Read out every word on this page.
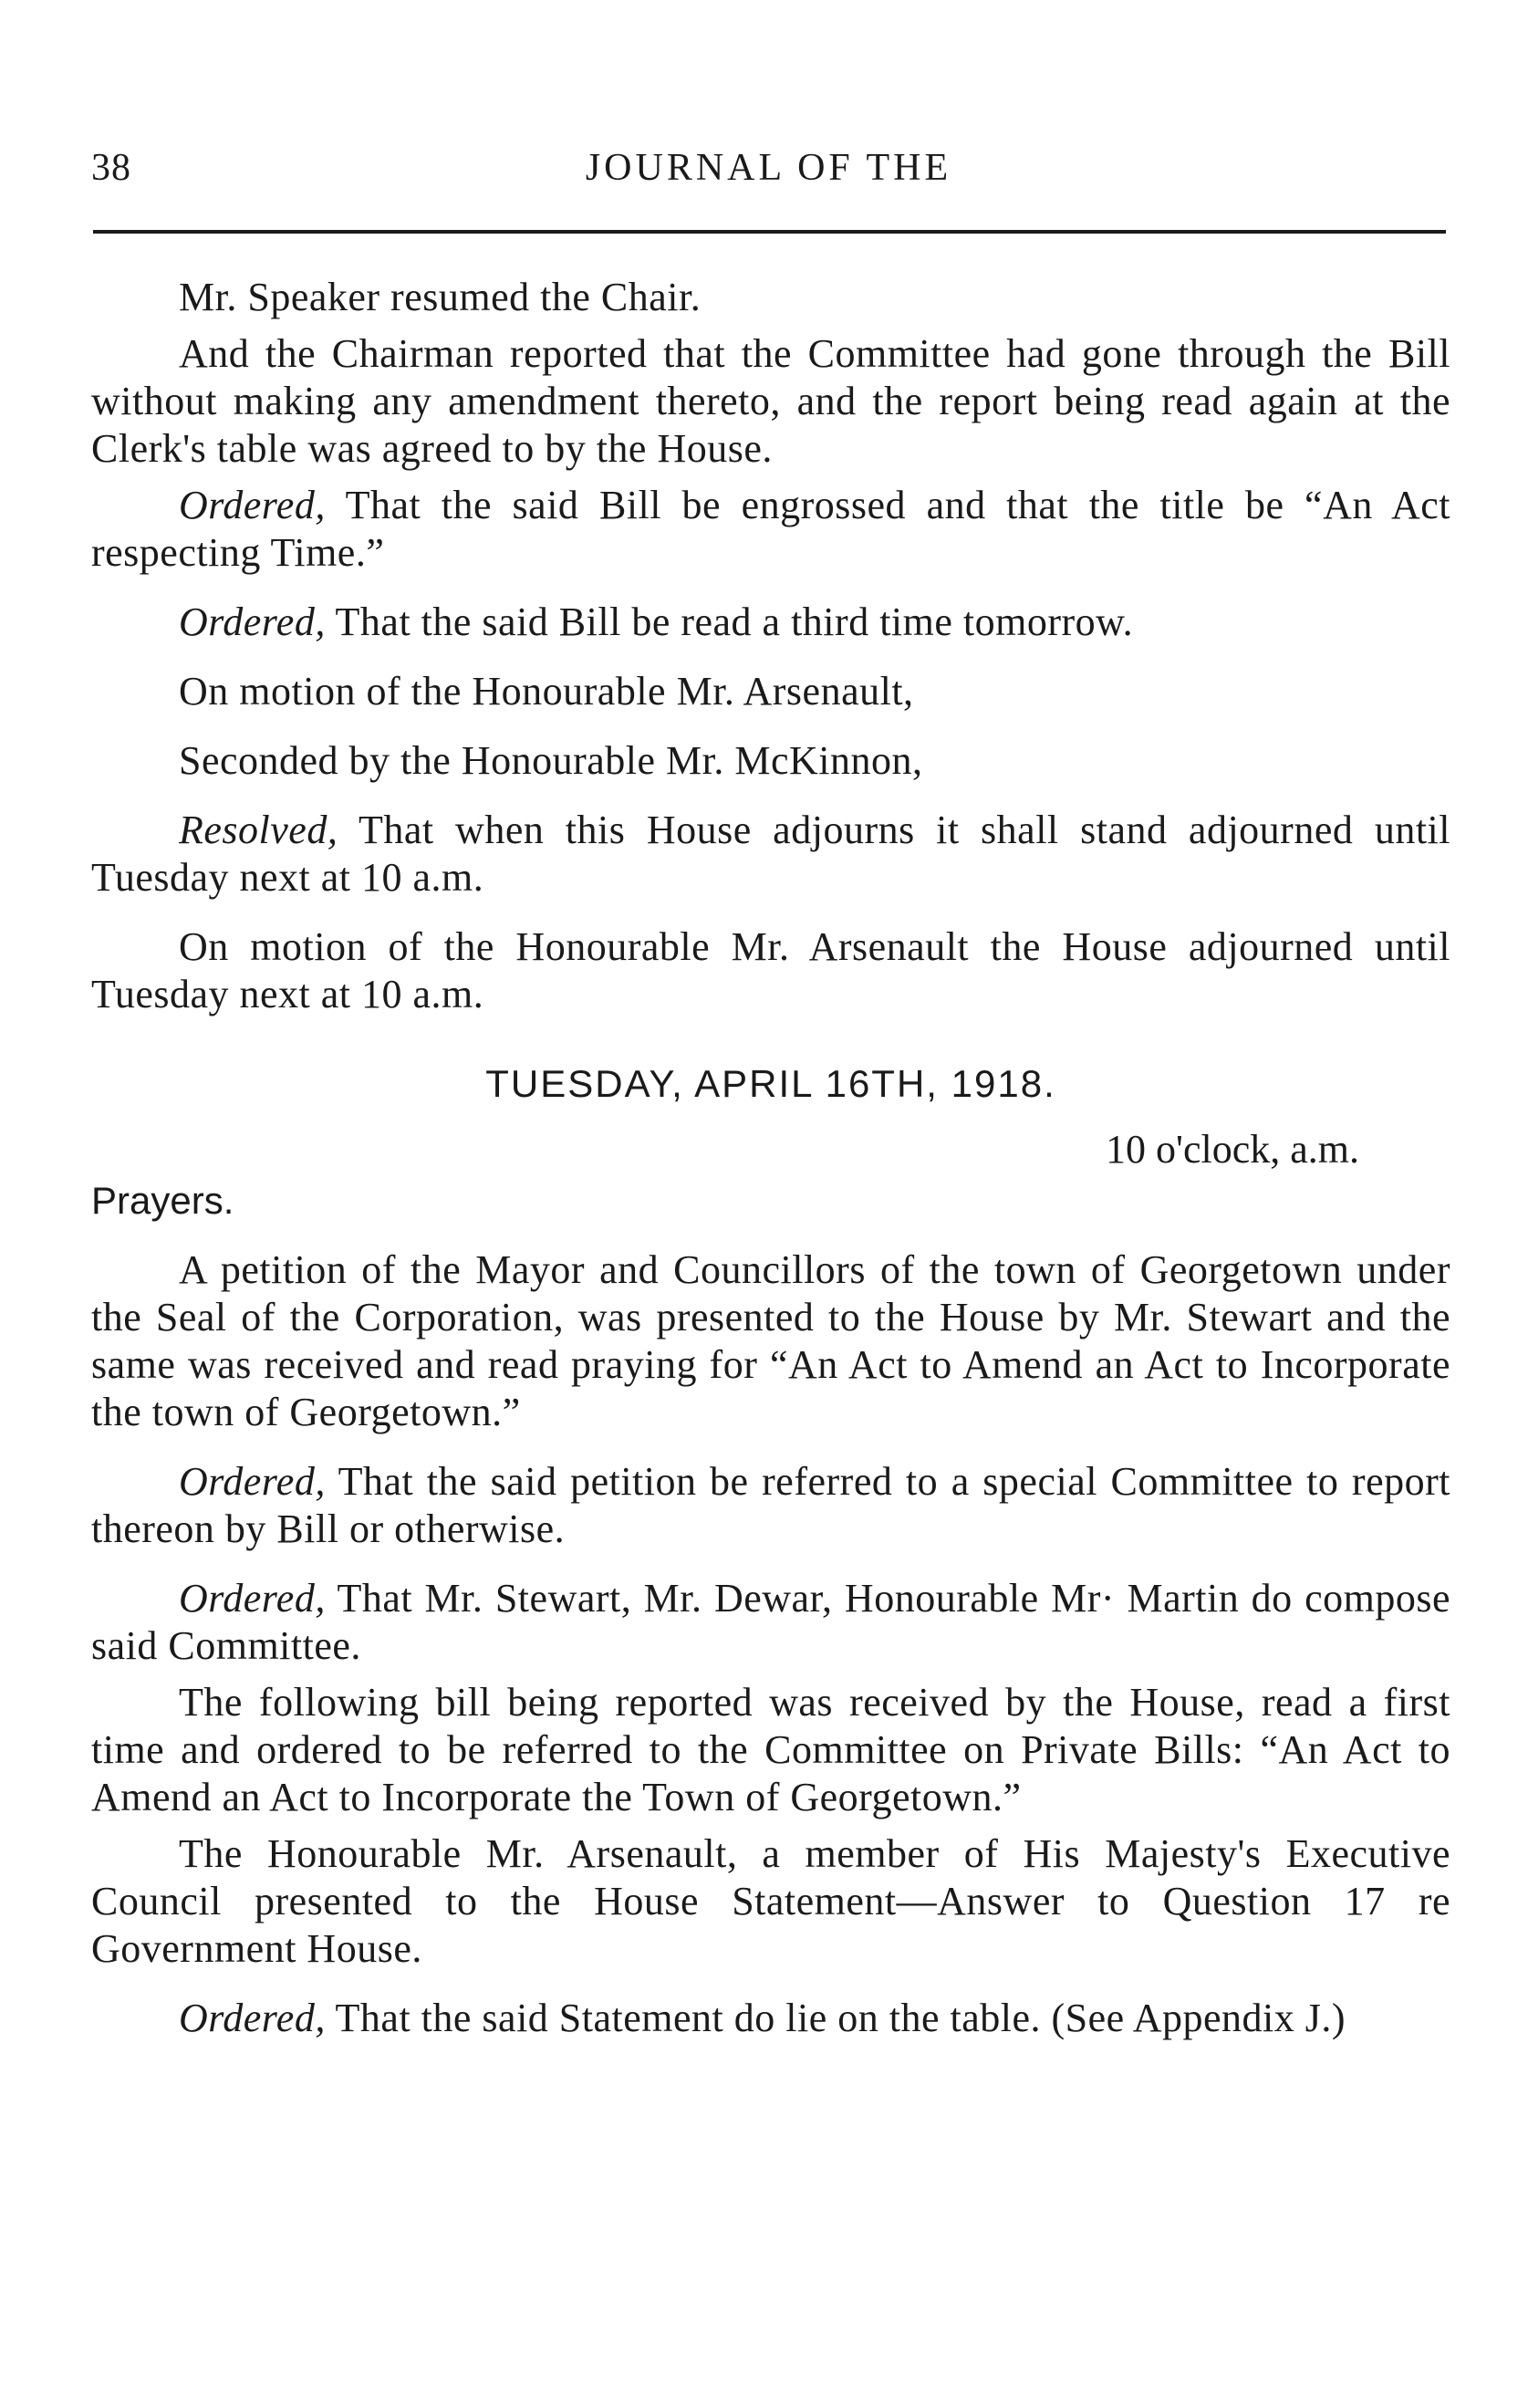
38	JOURNAL OF THE

Mr. Speaker resumed the Chair.

And the Chairman reported that the Committee had gone through the Bill without making any amendment thereto, and the report being read again at the Clerk's table was agreed to by the House.

Ordered, That the said Bill be engrossed and that the title be “An Act respecting Time.”

Ordered, That the said Bill be read a third time tomorrow.

On motion of the Honourable Mr. Arsenault,

Seconded by the Honourable Mr. McKinnon,

Resolved, That when this House adjourns it shall stand adjourned until Tuesday next at 10 a.m.

On motion of the Honourable Mr. Arsenault the House adjourned until Tuesday next at 10 a.m.

TUESDAY, APRIL 16TH, 1918.
10 o'clock, a.m.
Prayers.

A petition of the Mayor and Councillors of the town of Georgetown under the Seal of the Corporation, was presented to the House by Mr. Stewart and the same was received and read praying for “An Act to Amend an Act to Incorporate the town of Georgetown.”

Ordered, That the said petition be referred to a special Committee to report thereon by Bill or otherwise.

Ordered, That Mr. Stewart, Mr. Dewar, Honourable Mr· Martin do compose said Committee.

The following bill being reported was received by the House, read a first time and ordered to be referred to the Committee on Private Bills: “An Act to Amend an Act to Incorporate the Town of Georgetown.”

The Honourable Mr. Arsenault, a member of His Majesty's Executive Council presented to the House Statement—Answer to Question 17 re Government House.

Ordered, That the said Statement do lie on the table. (See Appendix J.)
